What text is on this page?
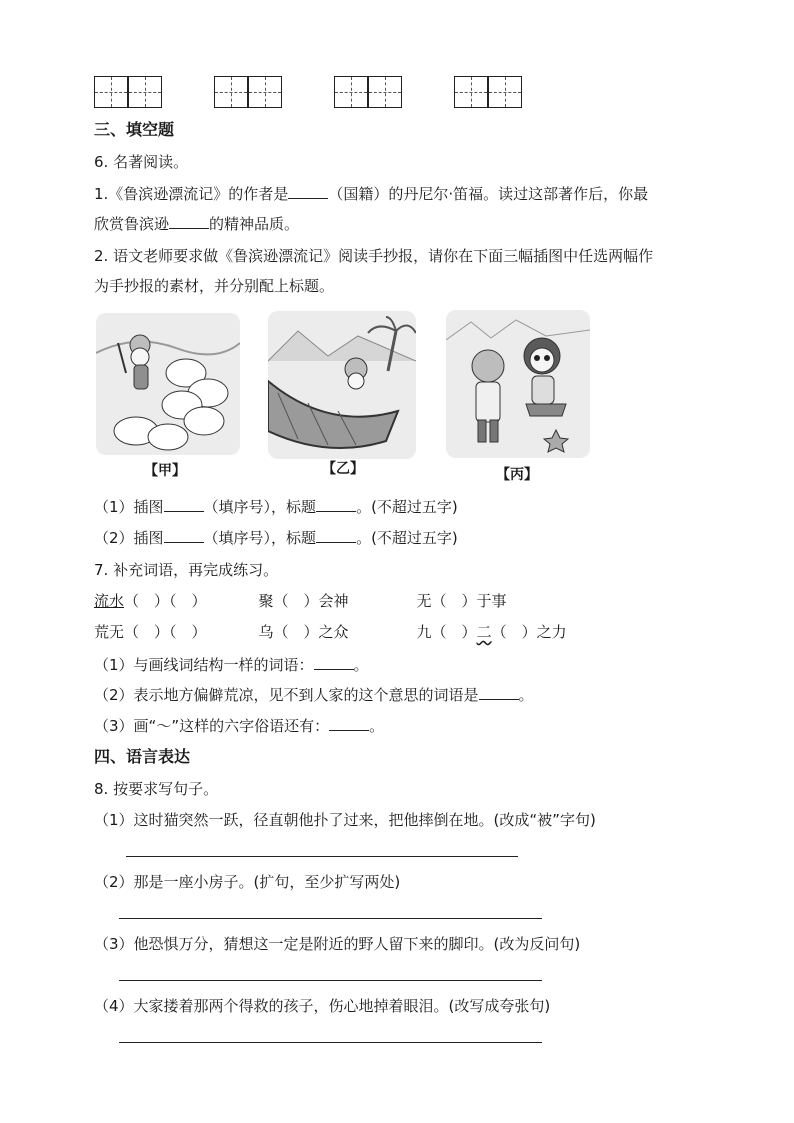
三、填空题
6. 名著阅读。
1.《鲁滨逊漂流记》的作者是	（国籍）的丹尼尔·笛福。读过这部著作后，你最
欣赏鲁滨逊	的精神品质。
2. 语文老师要求做《鲁滨逊漂流记》阅读手抄报，请你在下面三幅插图中任选两幅作
为手抄报的素材，并分别配上标题。
【甲】	【乙】	【丙】
（1）插图	（填序号），标题	。(不超过五字)
（2）插图	（填序号），标题	。(不超过五字)
7. 补充词语，再完成练习。
流水（　）（　）	聚（　）会神	无（　）于事
荒无（　）（　）	乌（　）之众	九（　）二（　）之力
（1）与画线词结构一样的词语：	。
（2）表示地方偏僻荒凉，见不到人家的这个意思的词语是	。
（3）画“～”这样的六字俗语还有：	。
四、语言表达
8. 按要求写句子。
（1）这时猫突然一跃，径直朝他扑了过来，把他摔倒在地。(改成“被”字句)
（2）那是一座小房子。(扩句，至少扩写两处)
（3）他恐惧万分，猜想这一定是附近的野人留下来的脚印。(改为反问句)
（4）大家搂着那两个得救的孩子，伤心地掉着眼泪。(改写成夸张句)
